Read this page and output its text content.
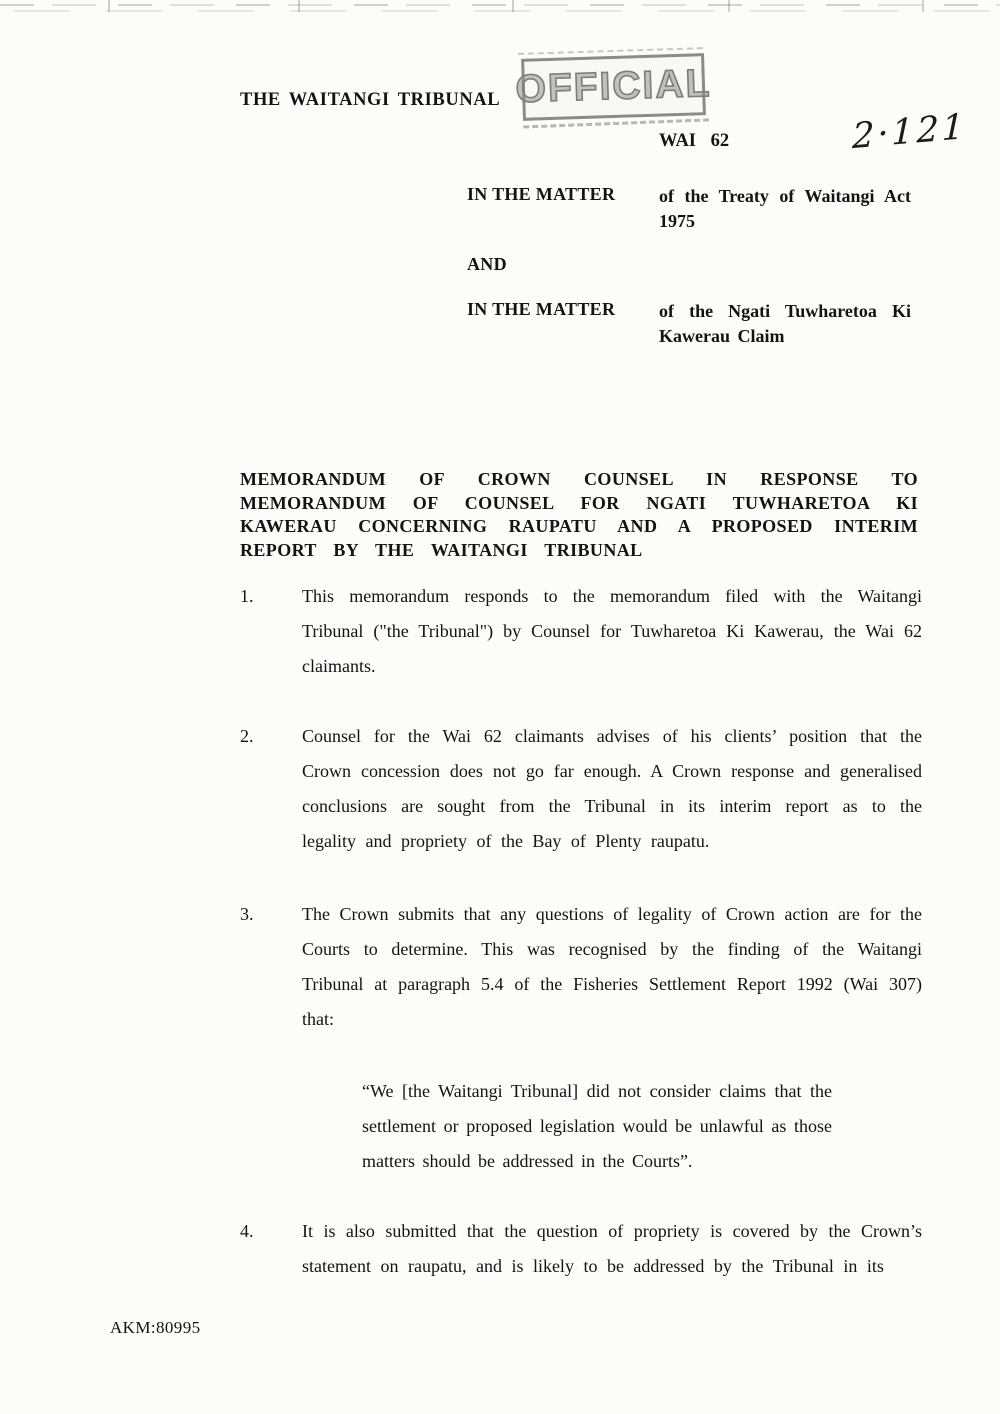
THE WAITANGI TRIBUNAL OFFICIAL
WAI 62	2·121
IN THE MATTER of the Treaty of Waitangi Act 1975
AND
IN THE MATTER of the Ngati Tuwharetoa Ki Kawerau Claim
MEMORANDUM OF CROWN COUNSEL IN RESPONSE TO MEMORANDUM OF COUNSEL FOR NGATI TUWHARETOA KI KAWERAU CONCERNING RAUPATU AND A PROPOSED INTERIM REPORT BY THE WAITANGI TRIBUNAL
1.	This memorandum responds to the memorandum filed with the Waitangi Tribunal ("the Tribunal") by Counsel for Tuwharetoa Ki Kawerau, the Wai 62 claimants.
2.	Counsel for the Wai 62 claimants advises of his clients’ position that the Crown concession does not go far enough. A Crown response and generalised conclusions are sought from the Tribunal in its interim report as to the legality and propriety of the Bay of Plenty raupatu.
3.	The Crown submits that any questions of legality of Crown action are for the Courts to determine. This was recognised by the finding of the Waitangi Tribunal at paragraph 5.4 of the Fisheries Settlement Report 1992 (Wai 307) that:
“We [the Waitangi Tribunal] did not consider claims that the settlement or proposed legislation would be unlawful as those matters should be addressed in the Courts”.
4.	It is also submitted that the question of propriety is covered by the Crown’s statement on raupatu, and is likely to be addressed by the Tribunal in its
AKM:80995
